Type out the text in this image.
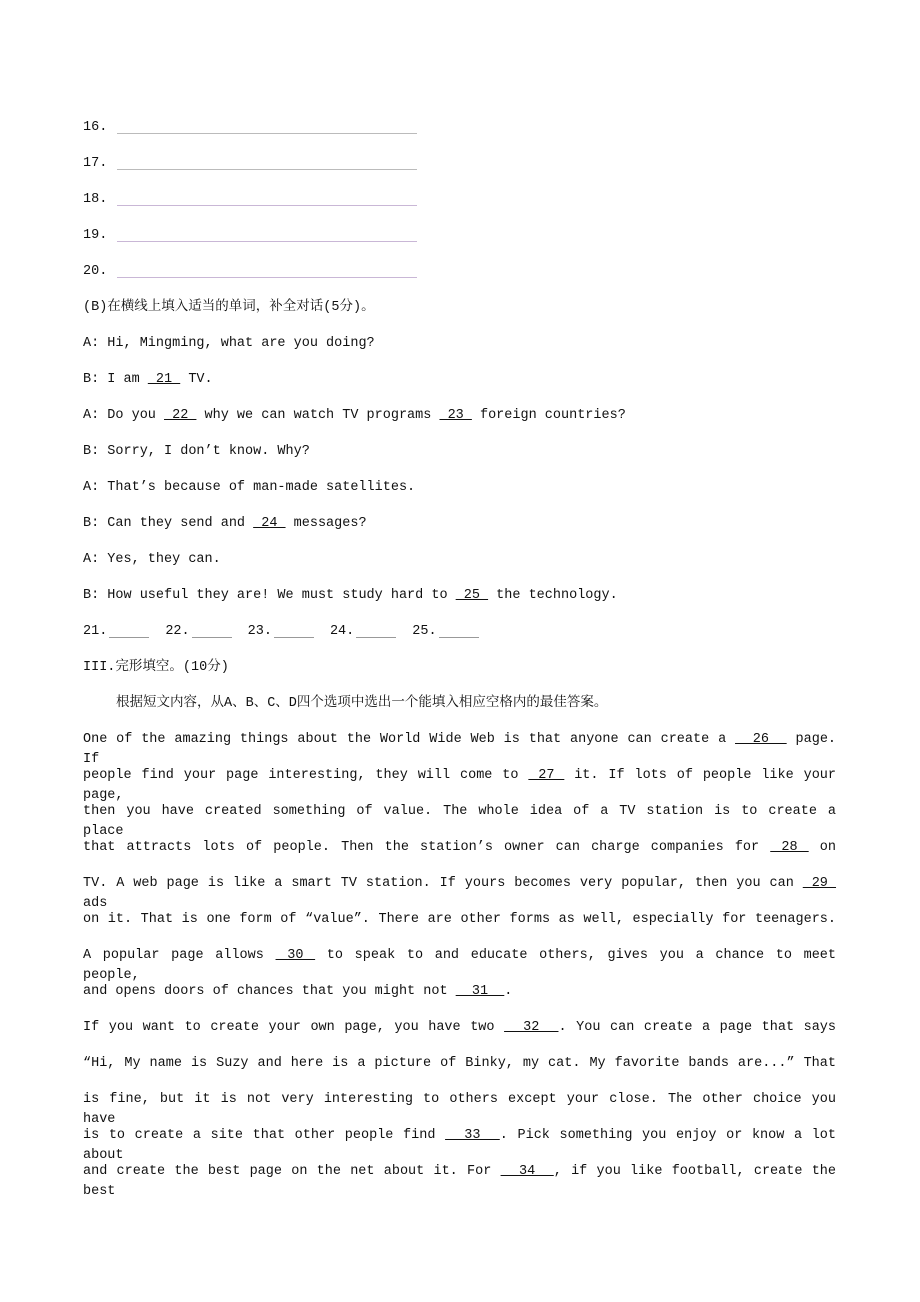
16.
17.
18.
19.
20.
(B)在横线上填入适当的单词，补全对话(5分)。
A: Hi, Mingming, what are you doing?
B: I am  21  TV.
A: Do you  22  why we can watch TV programs  23  foreign countries?
B: Sorry, I don’t know. Why?
A: That’s because of man-made satellites.
B: Can they send and  24  messages?
A: Yes, they can.
B: How useful they are! We must study hard to  25  the technology.
21.	22.	23.	24.	25.
III.完形填空。(10分)
根据短文内容，从A、B、C、D四个选项中选出一个能填入相应空格内的最佳答案。
One of the amazing things about the World Wide Web is that anyone can create a   26   page. If
people find your page interesting, they will come to  27  it. If lots of people like your page,
then you have created something of value. The whole idea of a TV station is to create a place
that attracts lots of people. Then the station’s owner can charge companies for  28  on
TV. A web page is like a smart TV station. If yours becomes very popular, then you can  29  ads
on it. That is one form of “value”. There are other forms as well, especially for teenagers.
A popular page allows  30  to speak to and educate others, gives you a chance to meet people,
and opens doors of chances that you might not   31  .
If you want to create your own page, you have two   32  . You can create a page that says
“Hi, My name is Suzy and here is a picture of Binky, my cat. My favorite bands are...” That
is fine, but it is not very interesting to others except your close. The other choice you have
is to create a site that other people find   33  . Pick something you enjoy or know a lot about
and create the best page on the net about it. For   34  , if you like football, create the best
